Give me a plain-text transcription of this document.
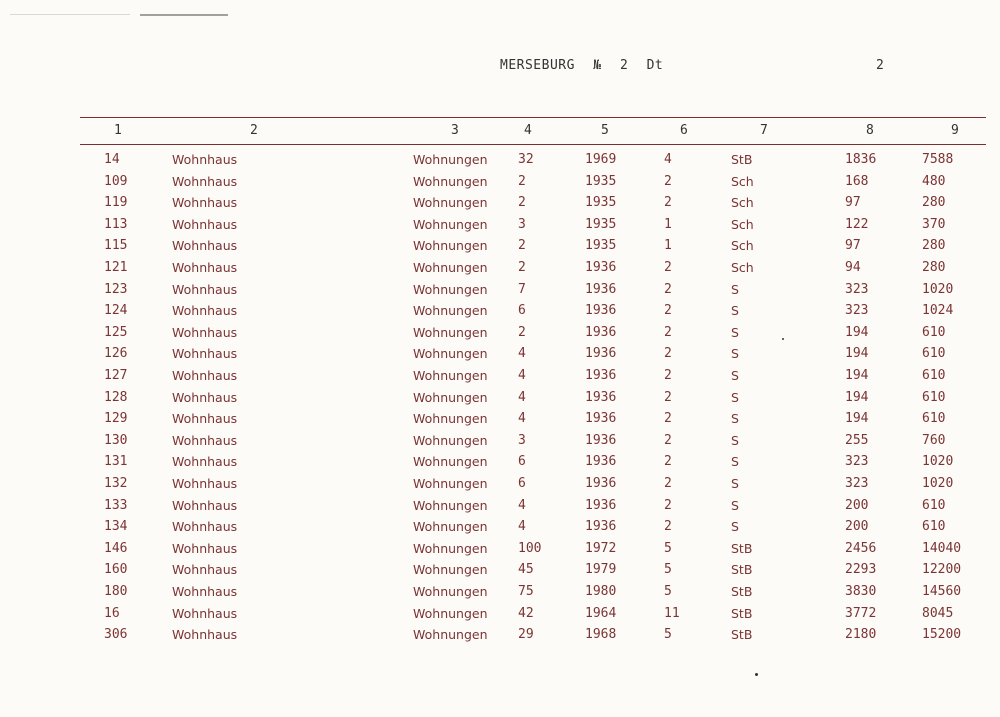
MERSEBURG № 2 Dt	2
1	2	3	4	5	6	7	8	9
14	Wohnhaus	Wohnungen 32	1969	4	StB	1836	7588
109	Wohnhaus	Wohnungen 2	1935	2	Sch	168	480
119	Wohnhaus	Wohnungen 2	1935	2	Sch	97	280
113	Wohnhaus	Wohnungen 3	1935	1	Sch	122	370
115	Wohnhaus	Wohnungen 2	1935	1	Sch	97	280
121	Wohnhaus	Wohnungen 2	1936	2	Sch	94	280
123	Wohnhaus	Wohnungen 7	1936	2	S	323	1020
124	Wohnhaus	Wohnungen 6	1936	2	S	323	1024
125	Wohnhaus	Wohnungen 2	1936	2	S	194	610
126	Wohnhaus	Wohnungen 4	1936	2	S	194	610
127	Wohnhaus	Wohnungen 4	1936	2	S	194	610
128	Wohnhaus	Wohnungen 4	1936	2	S	194	610
129	Wohnhaus	Wohnungen 4	1936	2	S	194	610
130	Wohnhaus	Wohnungen 3	1936	2	S	255	760
131	Wohnhaus	Wohnungen 6	1936	2	S	323	1020
132	Wohnhaus	Wohnungen 6	1936	2	S	323	1020
133	Wohnhaus	Wohnungen 4	1936	2	S	200	610
134	Wohnhaus	Wohnungen 4	1936	2	S	200	610
146	Wohnhaus	Wohnungen 100	1972	5	StB	2456	14040
160	Wohnhaus	Wohnungen 45	1979	5	StB	2293	12200
180	Wohnhaus	Wohnungen 75	1980	5	StB	3830	14560
16	Wohnhaus	Wohnungen 42	1964	11	StB	3772	8045
306	Wohnhaus	Wohnungen 29	1968	5	StB	2180	15200
